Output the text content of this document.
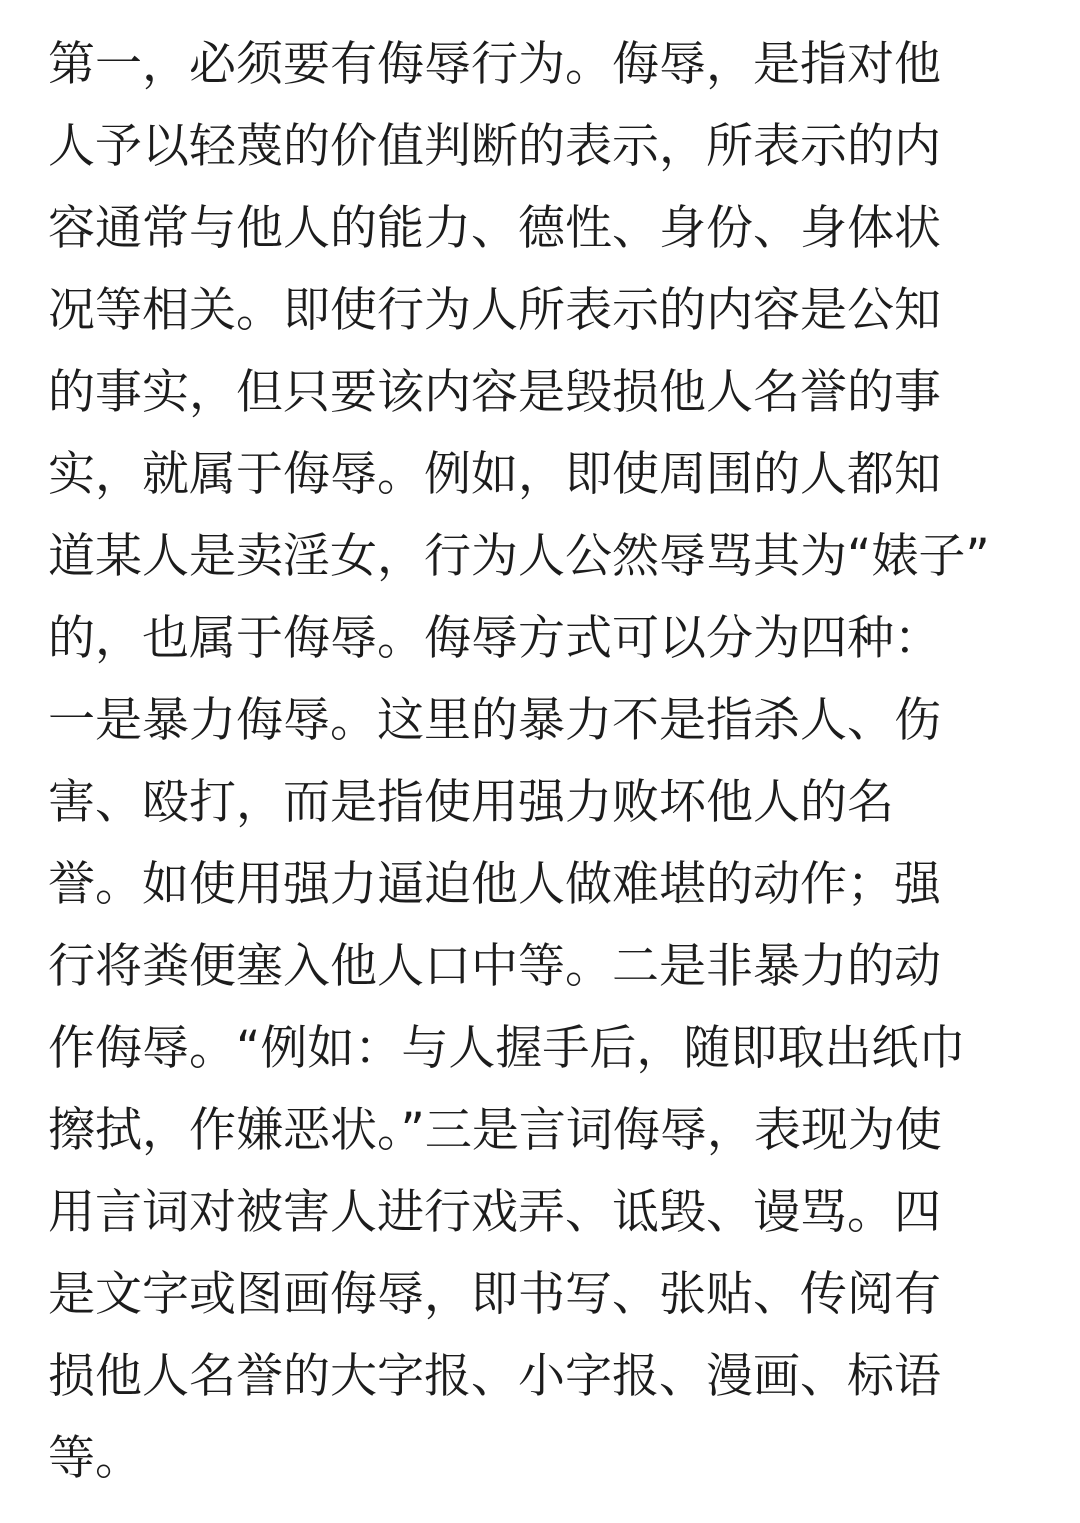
第一，必须要有侮辱行为。侮辱，是指对他
人予以轻蔑的价值判断的表示，所表示的内
容通常与他人的能力、德性、身份、身体状
况等相关。即使行为人所表示的内容是公知
的事实，但只要该内容是毁损他人名誉的事
实，就属于侮辱。例如，即使周围的人都知
道某人是卖淫女，行为人公然辱骂其为“婊子”
的，也属于侮辱。侮辱方式可以分为四种：
一是暴力侮辱。这里的暴力不是指杀人、伤
害、殴打，而是指使用强力败坏他人的名
誉。如使用强力逼迫他人做难堪的动作；强
行将粪便塞入他人口中等。二是非暴力的动
作侮辱。“例如：与人握手后，随即取出纸巾
擦拭，作嫌恶状。”三是言词侮辱，表现为使
用言词对被害人进行戏弄、诋毁、谩骂。四
是文字或图画侮辱，即书写、张贴、传阅有
损他人名誉的大字报、小字报、漫画、标语
等。
